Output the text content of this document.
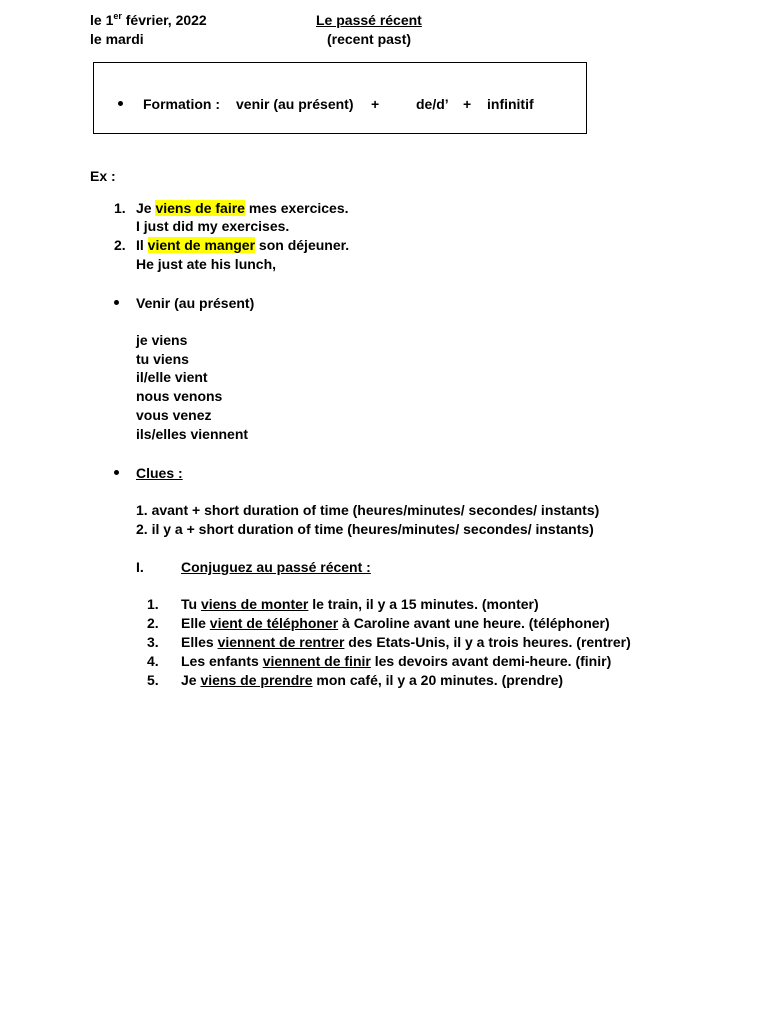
le 1er février, 2022
le mardi
Le passé récent
(recent past)
Formation : venir (au présent) +	de/d’ + infinitif
Ex :
1. Je viens de faire mes exercices.
I just did my exercises.
2. Il vient de manger son déjeuner.
He just ate his lunch,
Venir (au présent)
je viens
tu viens
il/elle vient
nous venons
vous venez
ils/elles viennent
Clues :
1. avant + short duration of time (heures/minutes/ secondes/ instants)
2. il y a + short duration of time (heures/minutes/ secondes/ instants)
I.	Conjuguez au passé récent :
1. Tu viens de monter le train, il y a 15 minutes. (monter)
2. Elle vient de téléphoner à Caroline avant une heure. (téléphoner)
3. Elles viennent de rentrer des Etats-Unis, il y a trois heures. (rentrer)
4. Les enfants viennent de finir les devoirs avant demi-heure. (finir)
5. Je viens de prendre mon café, il y a 20 minutes. (prendre)
